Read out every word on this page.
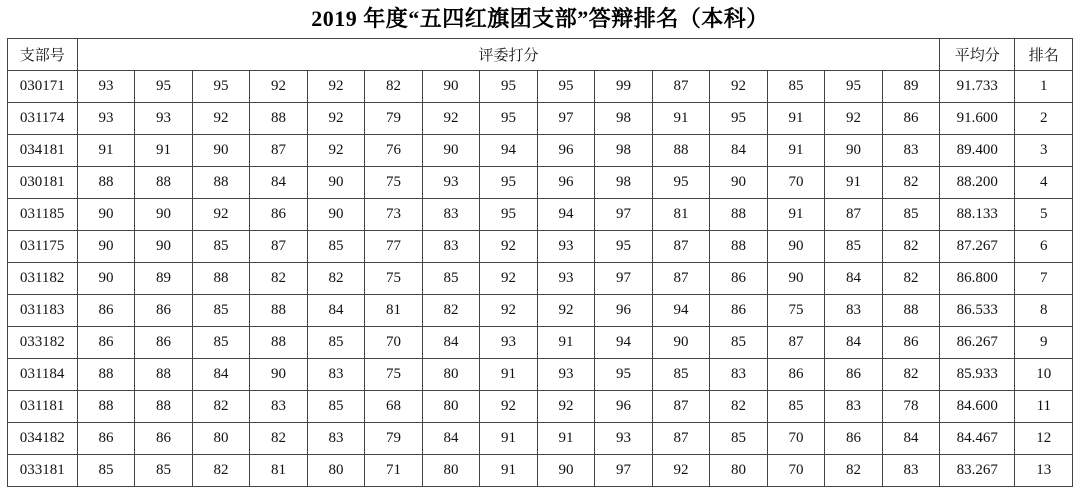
2019 年度“五四红旗团支部”答辩排名（本科）
支部号	评委打分															平均分	排名
030171	93	95	95	92	92	82	90	95	95	99	87	92	85	95	89	91.733	1
031174	93	93	92	88	92	79	92	95	97	98	91	95	91	92	86	91.600	2
034181	91	91	90	87	92	76	90	94	96	98	88	84	91	90	83	89.400	3
030181	88	88	88	84	90	75	93	95	96	98	95	90	70	91	82	88.200	4
031185	90	90	92	86	90	73	83	95	94	97	81	88	91	87	85	88.133	5
031175	90	90	85	87	85	77	83	92	93	95	87	88	90	85	82	87.267	6
031182	90	89	88	82	82	75	85	92	93	97	87	86	90	84	82	86.800	7
031183	86	86	85	88	84	81	82	92	92	96	94	86	75	83	88	86.533	8
033182	86	86	85	88	85	70	84	93	91	94	90	85	87	84	86	86.267	9
031184	88	88	84	90	83	75	80	91	93	95	85	83	86	86	82	85.933	10
031181	88	88	82	83	85	68	80	92	92	96	87	82	85	83	78	84.600	11
034182	86	86	80	82	83	79	84	91	91	93	87	85	70	86	84	84.467	12
033181	85	85	82	81	80	71	80	91	90	97	92	80	70	82	83	83.267	13
